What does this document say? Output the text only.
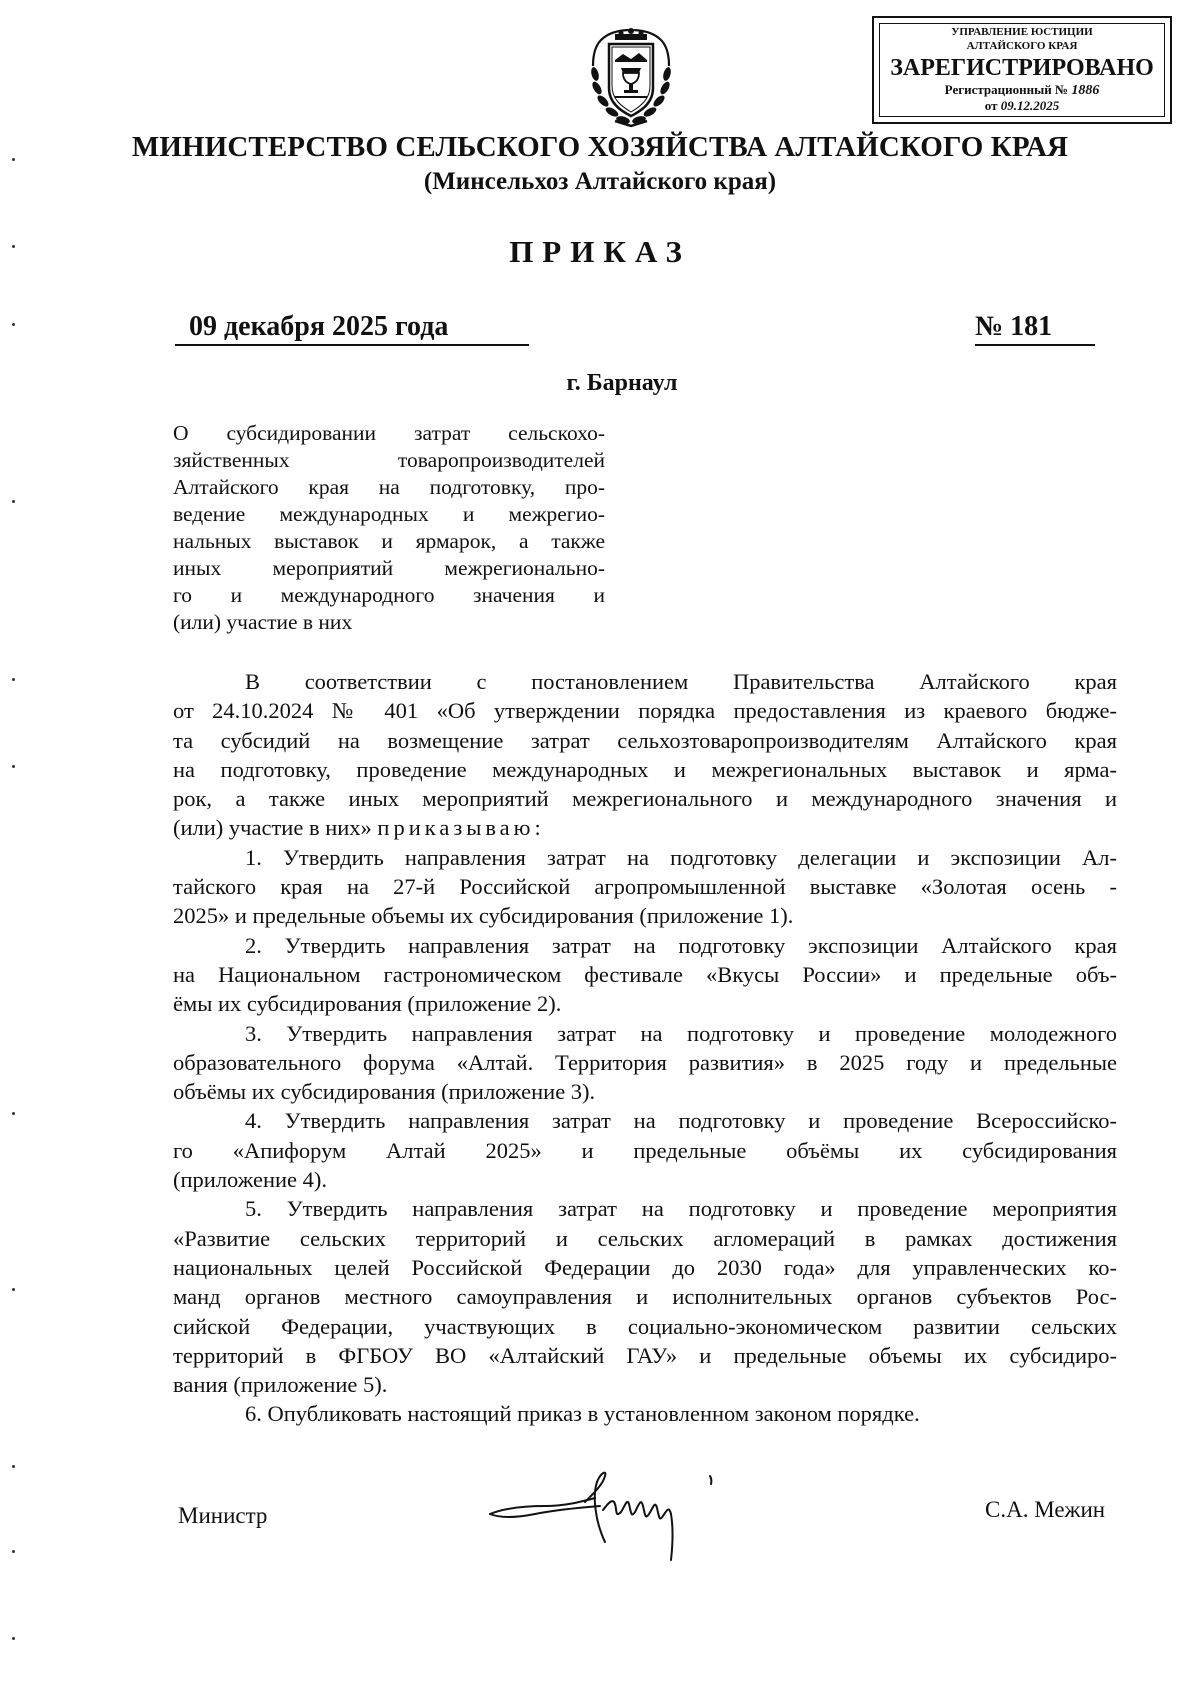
УПРАВЛЕНИЕ ЮСТИЦИИ
АЛТАЙСКОГО КРАЯ
ЗАРЕГИСТРИРОВАНО
Регистрационный № 1886
от 09.12.2025
МИНИСТЕРСТВО СЕЛЬСКОГО ХОЗЯЙСТВА АЛТАЙСКОГО КРАЯ
(Минсельхоз Алтайского края)
ПРИКАЗ
09 декабря 2025 года	№ 181
г. Барнаул
О субсидировании затрат сельскохо-
зяйственных товаропроизводителей
Алтайского края на подготовку, про-
ведение международных и межрегио-
нальных выставок и ярмарок, а также
иных мероприятий межрегионально-
го и международного значения и
(или) участие в них
В соответствии с постановлением Правительства Алтайского края
от 24.10.2024 № 401 «Об утверждении порядка предоставления из краевого бюдже-
та субсидий на возмещение затрат сельхозтоваропроизводителям Алтайского края
на подготовку, проведение международных и межрегиональных выставок и ярма-
рок, а также иных мероприятий межрегионального и международного значения и
(или) участие в них» приказываю:
1. Утвердить направления затрат на подготовку делегации и экспозиции Ал-
тайского края на 27-й Российской агропромышленной выставке «Золотая осень -
2025» и предельные объемы их субсидирования (приложение 1).
2. Утвердить направления затрат на подготовку экспозиции Алтайского края
на Национальном гастрономическом фестивале «Вкусы России» и предельные объ-
ёмы их субсидирования (приложение 2).
3. Утвердить направления затрат на подготовку и проведение молодежного
образовательного форума «Алтай. Территория развития» в 2025 году и предельные
объёмы их субсидирования (приложение 3).
4. Утвердить направления затрат на подготовку и проведение Всероссийско-
го «Апифорум Алтай 2025» и предельные объёмы их субсидирования
(приложение 4).
5. Утвердить направления затрат на подготовку и проведение мероприятия
«Развитие сельских территорий и сельских агломераций в рамках достижения
национальных целей Российской Федерации до 2030 года» для управленческих ко-
манд органов местного самоуправления и исполнительных органов субъектов Рос-
сийской Федерации, участвующих в социально-экономическом развитии сельских
территорий в ФГБОУ ВО «Алтайский ГАУ» и предельные объемы их субсидиро-
вания (приложение 5).
6. Опубликовать настоящий приказ в установленном законом порядке.
Министр	С.А. Межин
